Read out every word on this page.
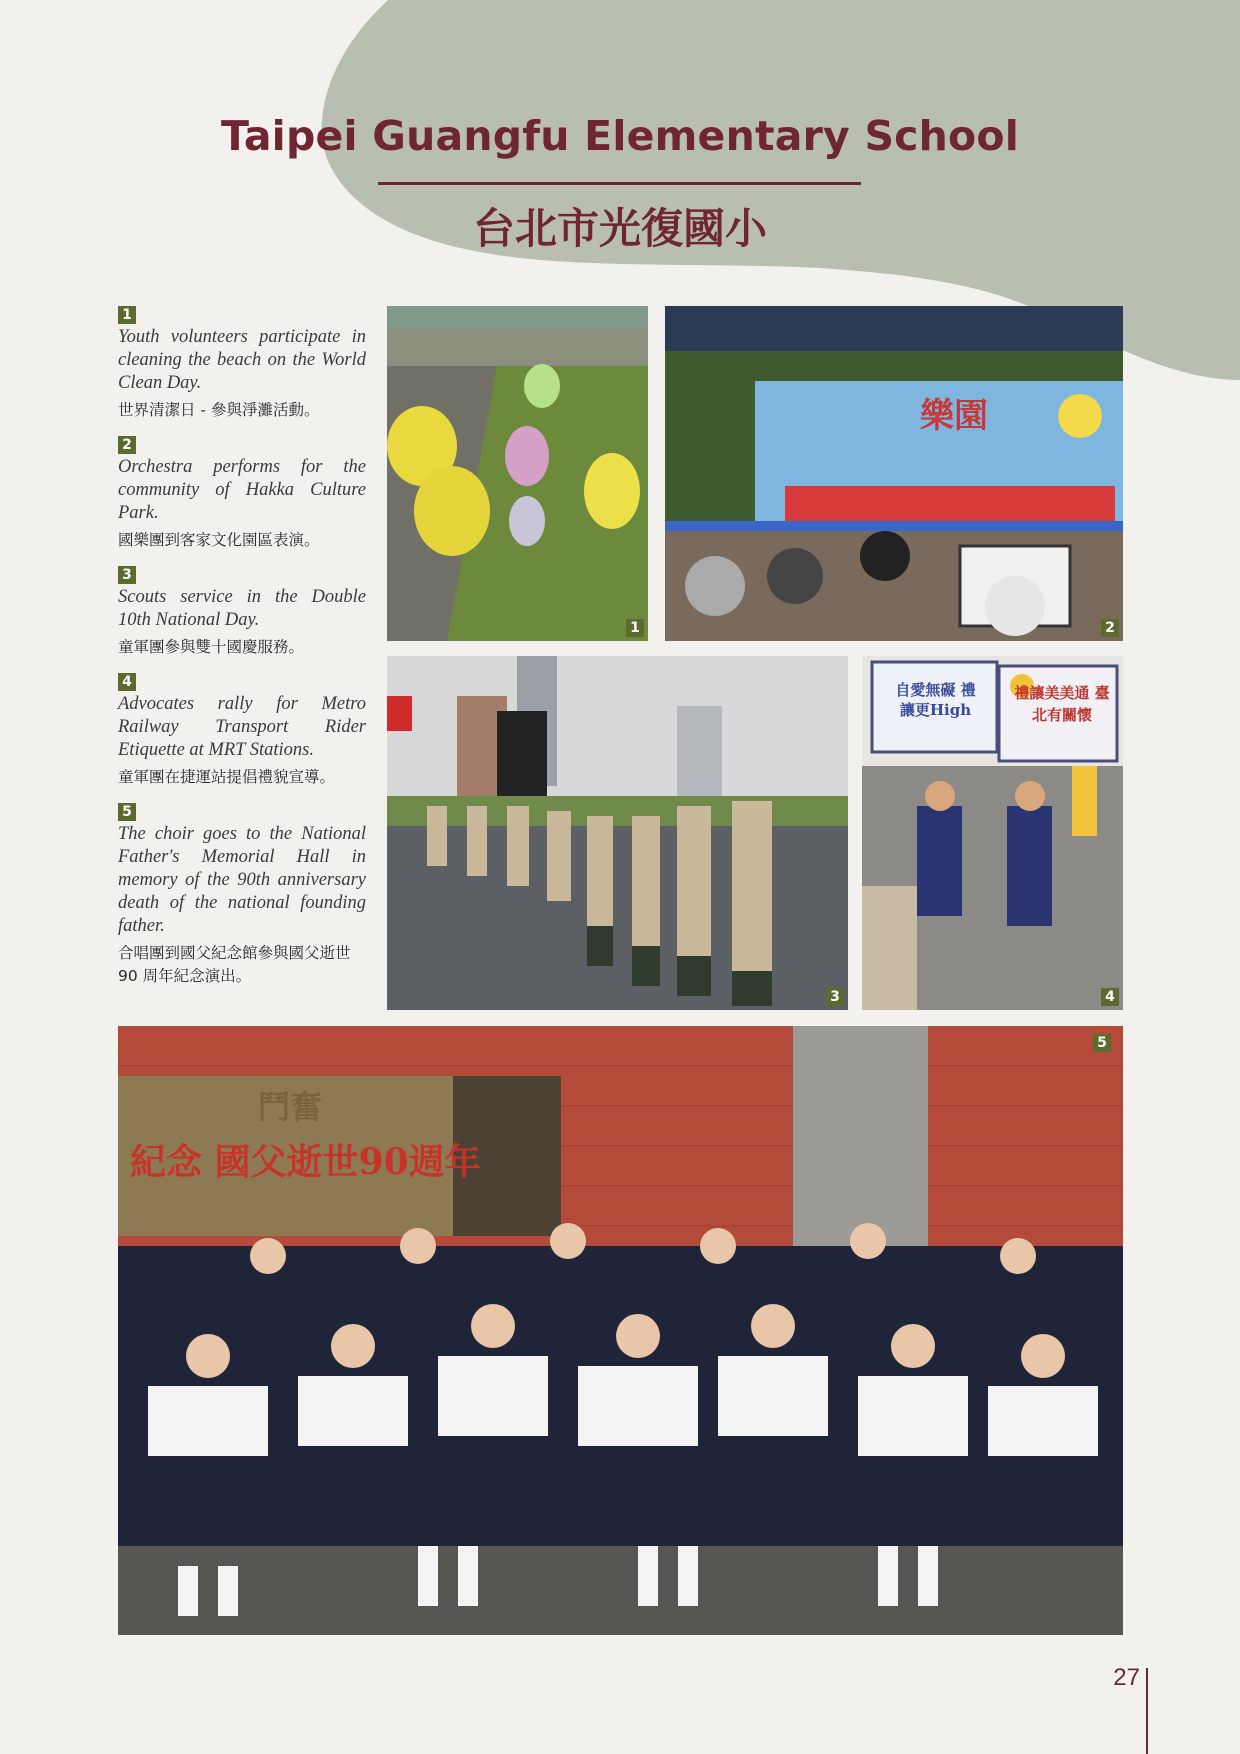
Taipei Guangfu Elementary School
台北市光復國小
1
Youth volunteers participate in cleaning the beach on the World Clean Day.
世界清潔日 - 參與淨灘活動。
2
Orchestra performs for the community of Hakka Culture Park.
國樂團到客家文化園區表演。
3
Scouts service in the Double 10th National Day.
童軍團參與雙十國慶服務。
4
Advocates rally for Metro Railway Transport Rider Etiquette at MRT Stations.
童軍團在捷運站提倡禮貌宣導。
5
The choir goes to the National Father's Memorial Hall in memory of the 90th anniversary death of the national founding father.
合唱團到國父紀念館參與國父逝世 90 周年紀念演出。
1
樂園
2
3
自愛無礙 禮讓更High
禮讓美美通 臺北有關懷
4
紀念 國父逝世90週年
鬥奮
5
27
